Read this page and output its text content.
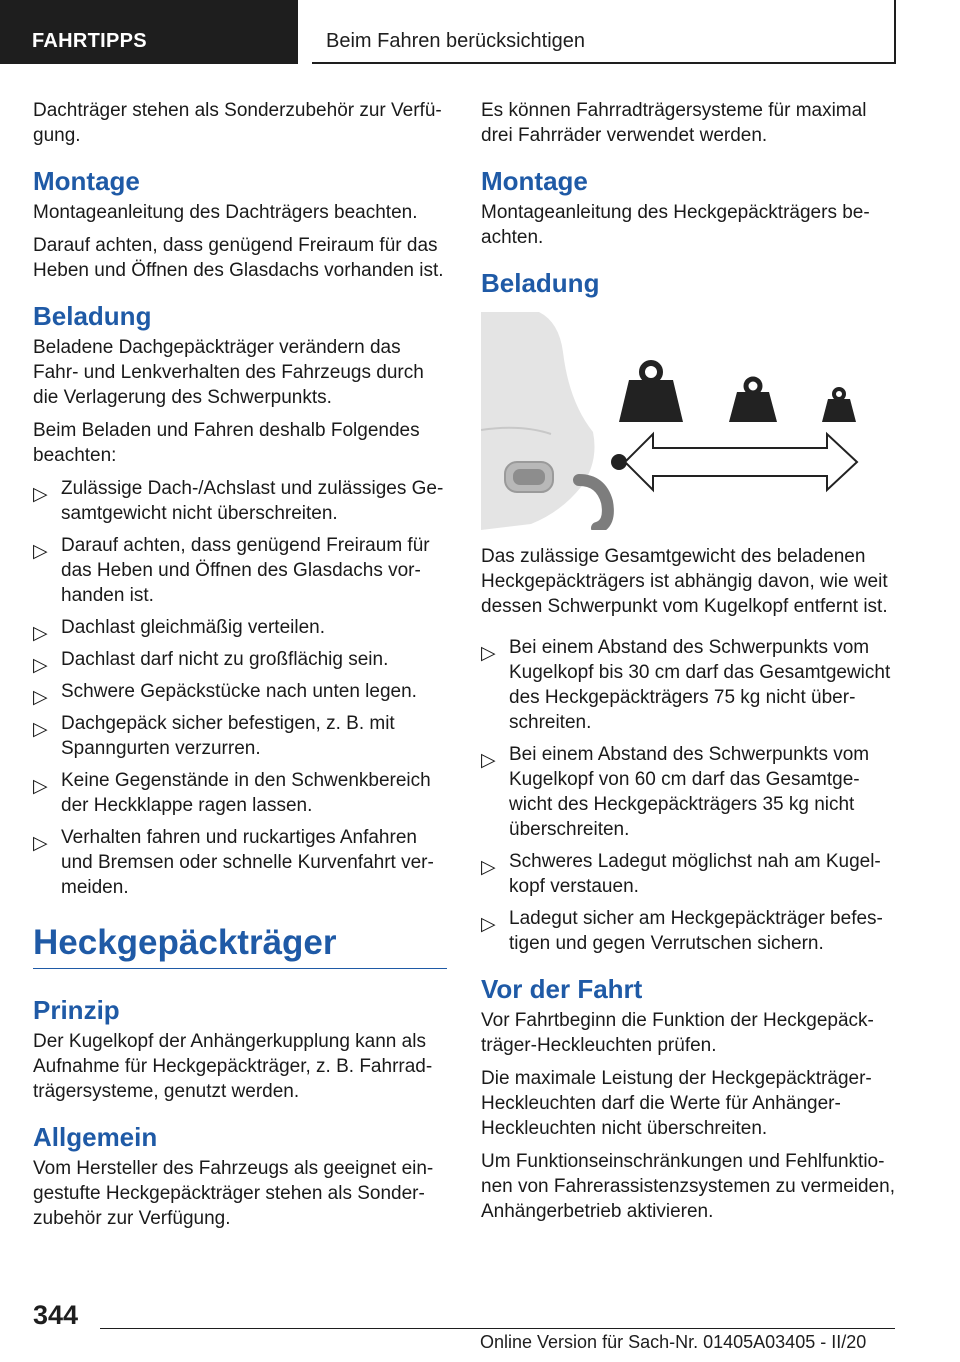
FAHRTIPPS	Beim Fahren berücksichtigen

Dachträger stehen als Sonderzubehör zur Verfü-gung.

Montage

Montageanleitung des Dachträgers beachten.

Darauf achten, dass genügend Freiraum für das Heben und Öffnen des Glasdachs vorhanden ist.

Beladung

Beladene Dachgepäckträger verändern das Fahr- und Lenkverhalten des Fahrzeugs durch die Verlagerung des Schwerpunkts.

Beim Beladen und Fahren deshalb Folgendes beachten:

▷ Zulässige Dach-/Achslast und zulässiges Ge-samtgewicht nicht überschreiten.
▷ Darauf achten, dass genügend Freiraum für das Heben und Öffnen des Glasdachs vor-handen ist.
▷ Dachlast gleichmäßig verteilen.
▷ Dachlast darf nicht zu großflächig sein.
▷ Schwere Gepäckstücke nach unten legen.
▷ Dachgepäck sicher befestigen, z. B. mit Spanngurten verzurren.
▷ Keine Gegenstände in den Schwenkbereich der Heckklappe ragen lassen.
▷ Verhalten fahren und ruckartiges Anfahren und Bremsen oder schnelle Kurvenfahrt ver-meiden.
Heckgepäckträger
Prinzip

Der Kugelkopf der Anhängerkupplung kann als Aufnahme für Heckgepäckträger, z. B. Fahrrad-trägersysteme, genutzt werden.

Allgemein

Vom Hersteller des Fahrzeugs als geeignet ein-gestufte Heckgepäckträger stehen als Sonder-zubehör zur Verfügung.

Es können Fahrradträgersysteme für maximal drei Fahrräder verwendet werden.

Montage

Montageanleitung des Heckgepäckträgers be-achten.

Beladung

Das zulässige Gesamtgewicht des beladenen Heckgepäckträgers ist abhängig davon, wie weit dessen Schwerpunkt vom Kugelkopf entfernt ist.

▷ Bei einem Abstand des Schwerpunkts vom Kugelkopf bis 30 cm darf das Gesamtgewicht des Heckgepäckträgers 75 kg nicht über-schreiten.
▷ Bei einem Abstand des Schwerpunkts vom Kugelkopf von 60 cm darf das Gesamtge-wicht des Heckgepäckträgers 35 kg nicht überschreiten.
▷ Schweres Ladegut möglichst nah am Kugel-kopf verstauen.
▷ Ladegut sicher am Heckgepäckträger befes-tigen und gegen Verrutschen sichern.
Vor der Fahrt

Vor Fahrtbeginn die Funktion der Heckgepäck-träger-Heckleuchten prüfen.

Die maximale Leistung der Heckgepäckträger-Heckleuchten darf die Werte für Anhänger-Heckleuchten nicht überschreiten.

Um Funktionseinschränkungen und Fehlfunktio-nen von Fahrerassistenzsystemen zu vermeiden, Anhängerbetrieb aktivieren.

344
Online Version für Sach-Nr. 01405A03405 - II/20
